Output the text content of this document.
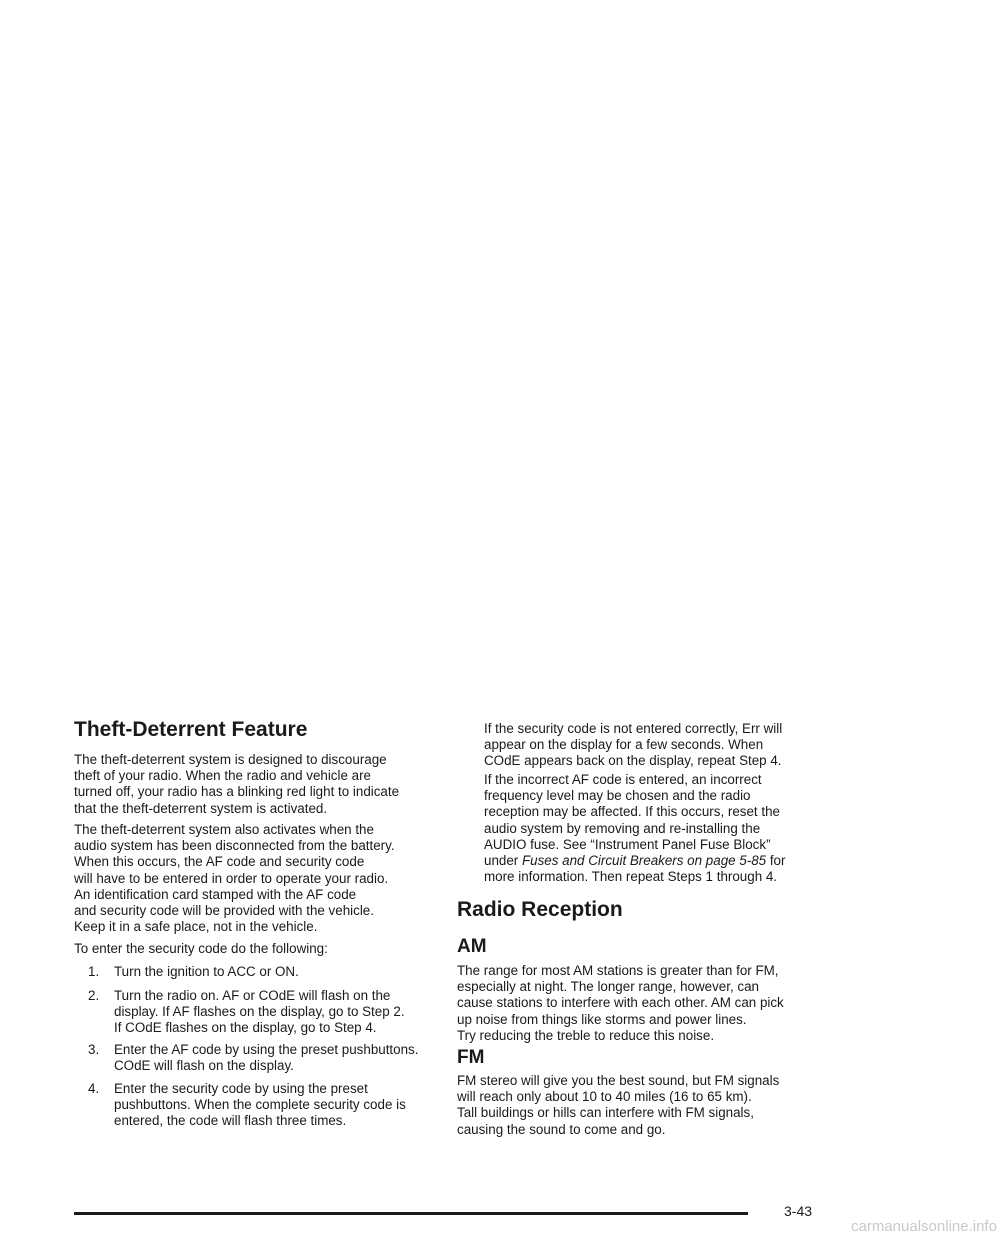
Theft-Deterrent Feature

The theft-deterrent system is designed to discourage
theft of your radio. When the radio and vehicle are
turned off, your radio has a blinking red light to indicate
that the theft-deterrent system is activated.

The theft-deterrent system also activates when the
audio system has been disconnected from the battery.
When this occurs, the AF code and security code
will have to be entered in order to operate your radio.
An identification card stamped with the AF code
and security code will be provided with the vehicle.
Keep it in a safe place, not in the vehicle.

To enter the security code do the following:

1. Turn the ignition to ACC or ON.

2. Turn the radio on. AF or COdE will flash on the
display. If AF flashes on the display, go to Step 2.
If COdE flashes on the display, go to Step 4.

3. Enter the AF code by using the preset pushbuttons.
COdE will flash on the display.

4. Enter the security code by using the preset
pushbuttons. When the complete security code is
entered, the code will flash three times.

If the security code is not entered correctly, Err will
appear on the display for a few seconds. When
COdE appears back on the display, repeat Step 4.

If the incorrect AF code is entered, an incorrect
frequency level may be chosen and the radio
reception may be affected. If this occurs, reset the
audio system by removing and re-installing the
AUDIO fuse. See “Instrument Panel Fuse Block”
under Fuses and Circuit Breakers on page 5-85 for
more information. Then repeat Steps 1 through 4.

Radio Reception
AM

The range for most AM stations is greater than for FM,
especially at night. The longer range, however, can
cause stations to interfere with each other. AM can pick
up noise from things like storms and power lines.
Try reducing the treble to reduce this noise.

FM

FM stereo will give you the best sound, but FM signals
will reach only about 10 to 40 miles (16 to 65 km).
Tall buildings or hills can interfere with FM signals,
causing the sound to come and go.

3-43
carmanualsonline.info
